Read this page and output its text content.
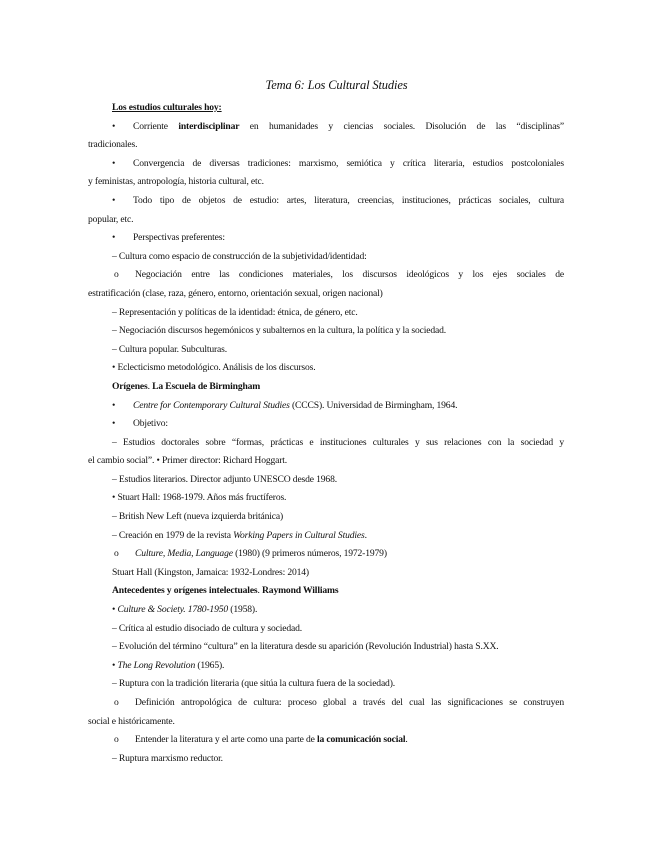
Tema 6: Los Cultural Studies
Los estudios culturales hoy:
• Corriente interdisciplinar en humanidades y ciencias sociales. Disolución de las “disciplinas”
tradicionales.
• Convergencia de diversas tradiciones: marxismo, semiótica y crítica literaria, estudios postcoloniales
y feministas, antropología, historia cultural, etc.
• Todo tipo de objetos de estudio: artes, literatura, creencias, instituciones, prácticas sociales, cultura
popular, etc.
• Perspectivas preferentes:
– Cultura como espacio de construcción de la subjetividad/identidad:
o Negociación entre las condiciones materiales, los discursos ideológicos y los ejes sociales de
estratificación (clase, raza, género, entorno, orientación sexual, origen nacional)
– Representación y políticas de la identidad: étnica, de género, etc.
– Negociación discursos hegemónicos y subalternos en la cultura, la política y la sociedad.
– Cultura popular. Subculturas.
• Eclecticismo metodológico. Análisis de los discursos.
Orígenes. La Escuela de Birmingham
• Centre for Contemporary Cultural Studies (CCCS). Universidad de Birmingham, 1964.
• Objetivo:
– Estudios doctorales sobre “formas, prácticas e instituciones culturales y sus relaciones con la sociedad y
el cambio social”. • Primer director: Richard Hoggart.
– Estudios literarios. Director adjunto UNESCO desde 1968.
• Stuart Hall: 1968-1979. Años más fructíferos.
– British New Left (nueva izquierda británica)
– Creación en 1979 de la revista Working Papers in Cultural Studies.
o Culture, Media, Language (1980) (9 primeros números, 1972-1979)
Stuart Hall (Kingston, Jamaica: 1932-Londres: 2014)
Antecedentes y orígenes intelectuales. Raymond Williams
• Culture & Society. 1780-1950 (1958).
– Crítica al estudio disociado de cultura y sociedad.
– Evolución del término “cultura” en la literatura desde su aparición (Revolución Industrial) hasta S.XX.
• The Long Revolution (1965).
– Ruptura con la tradición literaria (que sitúa la cultura fuera de la sociedad).
o Definición antropológica de cultura: proceso global a través del cual las significaciones se construyen
social e históricamente.
o Entender la literatura y el arte como una parte de la comunicación social.
– Ruptura marxismo reductor.
